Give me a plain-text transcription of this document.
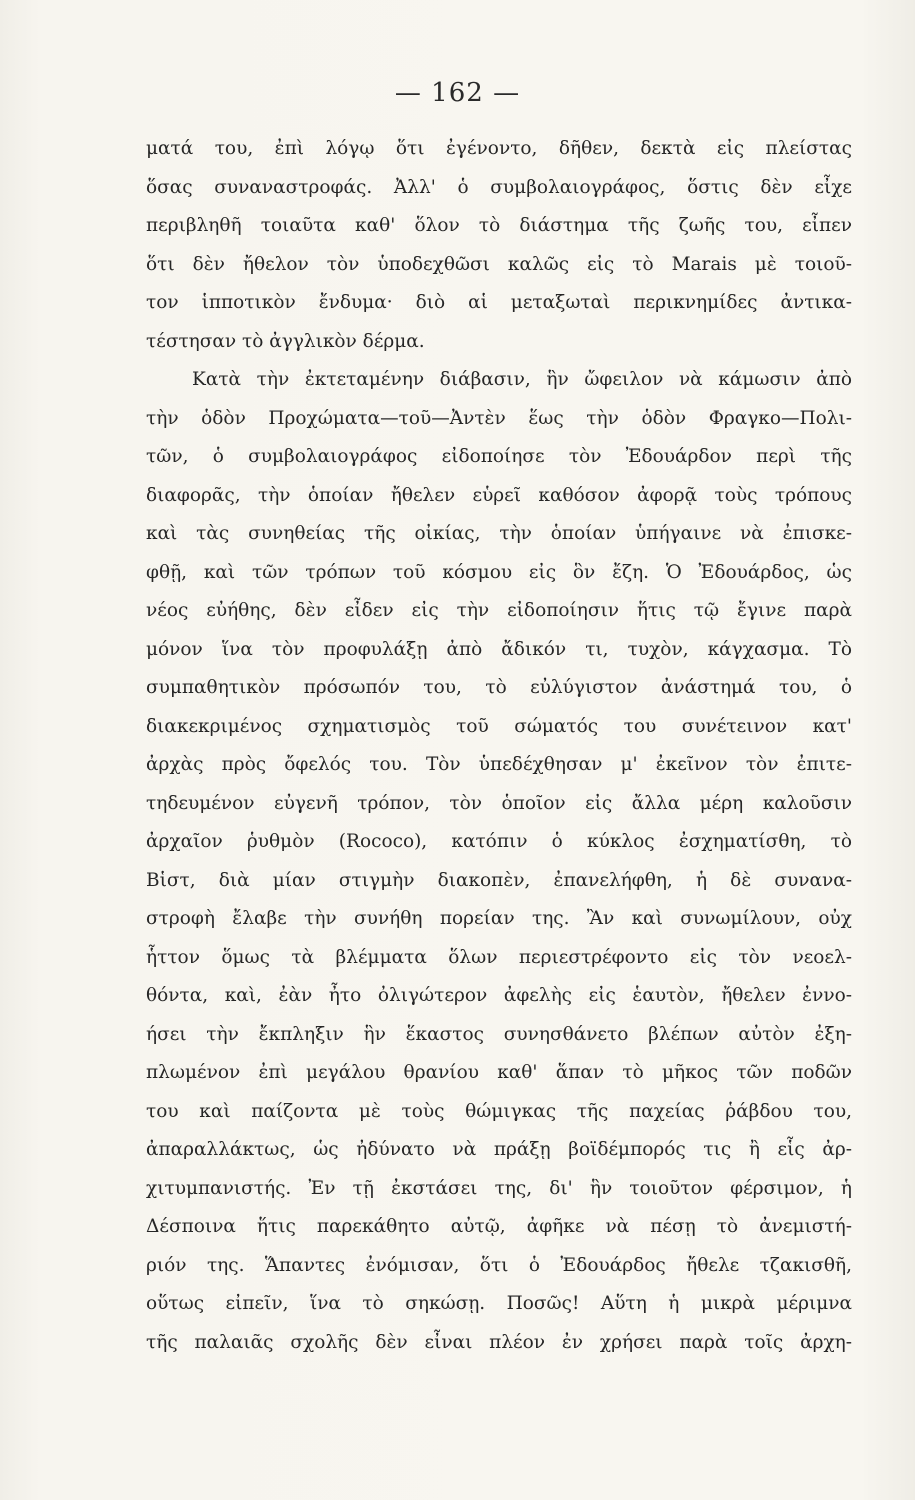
— 162 —
ματά του, ἐπὶ λόγῳ ὅτι ἐγένοντο, δῆθεν, δεκτὰ εἰς πλείστας
ὅσας συναναστροφάς. Ἀλλ' ὁ συμβολαιογράφος, ὅστις δὲν εἶχε
περιβληθῆ τοιαῦτα καθ' ὅλον τὸ διάστημα τῆς ζωῆς του, εἶπεν
ὅτι δὲν ἤθελον τὸν ὑποδεχθῶσι καλῶς εἰς τὸ Marais μὲ τοιοῦ-
τον ἱπποτικὸν ἔνδυμα· διὸ αἱ μεταξωταὶ περικνημίδες ἀντικα-
τέστησαν τὸ ἀγγλικὸν δέρμα.
Κατὰ τὴν ἐκτεταμένην διάβασιν, ἣν ὤφειλον νὰ κάμωσιν ἀπὸ
τὴν ὁδὸν Προχώματα—τοῦ—Ἀντὲν ἕως τὴν ὁδὸν Φραγκο—Πολι-
τῶν, ὁ συμβολαιογράφος εἰδοποίησε τὸν Ἐδουάρδον περὶ τῆς
διαφορᾶς, τὴν ὁποίαν ἤθελεν εὑρεῖ καθόσον ἀφορᾷ τοὺς τρόπους
καὶ τὰς συνηθείας τῆς οἰκίας, τὴν ὁποίαν ὑπήγαινε νὰ ἐπισκε-
φθῇ, καὶ τῶν τρόπων τοῦ κόσμου εἰς ὃν ἔζη. Ὁ Ἐδουάρδος, ὡς
νέος εὐήθης, δὲν εἶδεν εἰς τὴν εἰδοποίησιν ἥτις τῷ ἔγινε παρὰ
μόνον ἵνα τὸν προφυλάξῃ ἀπὸ ἄδικόν τι, τυχὸν, κάγχασμα. Τὸ
συμπαθητικὸν πρόσωπόν του, τὸ εὐλύγιστον ἀνάστημά του, ὁ
διακεκριμένος σχηματισμὸς τοῦ σώματός του συνέτεινον κατ'
ἀρχὰς πρὸς ὄφελός του. Τὸν ὑπεδέχθησαν μ' ἐκεῖνον τὸν ἐπιτε-
τηδευμένον εὐγενῆ τρόπον, τὸν ὁποῖον εἰς ἄλλα μέρη καλοῦσιν
ἀρχαῖον ῥυθμὸν (Rococo), κατόπιν ὁ κύκλος ἐσχηματίσθη, τὸ
Βἱστ, διὰ μίαν στιγμὴν διακοπὲν, ἐπανελήφθη, ἡ δὲ συνανα-
στροφὴ ἔλαβε τὴν συνήθη πορείαν της. Ἂν καὶ συνωμίλουν, οὐχ
ἧττον ὅμως τὰ βλέμματα ὅλων περιεστρέφοντο εἰς τὸν νεοελ-
θόντα, καὶ, ἐὰν ἦτο ὀλιγώτερον ἀφελὴς εἰς ἑαυτὸν, ἤθελεν ἐννο-
ήσει τὴν ἔκπληξιν ἣν ἕκαστος συνησθάνετο βλέπων αὐτὸν ἐξη-
πλωμένον ἐπὶ μεγάλου θρανίου καθ' ἅπαν τὸ μῆκος τῶν ποδῶν
του καὶ παίζοντα μὲ τοὺς θώμιγκας τῆς παχείας ῥάβδου του,
ἀπαραλλάκτως, ὡς ἠδύνατο νὰ πράξῃ βοϊδέμπορός τις ἢ εἷς ἀρ-
χιτυμπανιστής. Ἐν τῇ ἐκστάσει της, δι' ἣν τοιοῦτον φέρσιμον, ἡ
Δέσποινα ἥτις παρεκάθητο αὐτῷ, ἀφῆκε νὰ πέσῃ τὸ ἀνεμιστή-
ριόν της. Ἅπαντες ἐνόμισαν, ὅτι ὁ Ἐδουάρδος ἤθελε τζακισθῆ,
οὕτως εἰπεῖν, ἵνα τὸ σηκώσῃ. Ποσῶς! Αὕτη ἡ μικρὰ μέριμνα
τῆς παλαιᾶς σχολῆς δὲν εἶναι πλέον ἐν χρήσει παρὰ τοῖς ἀρχη-
